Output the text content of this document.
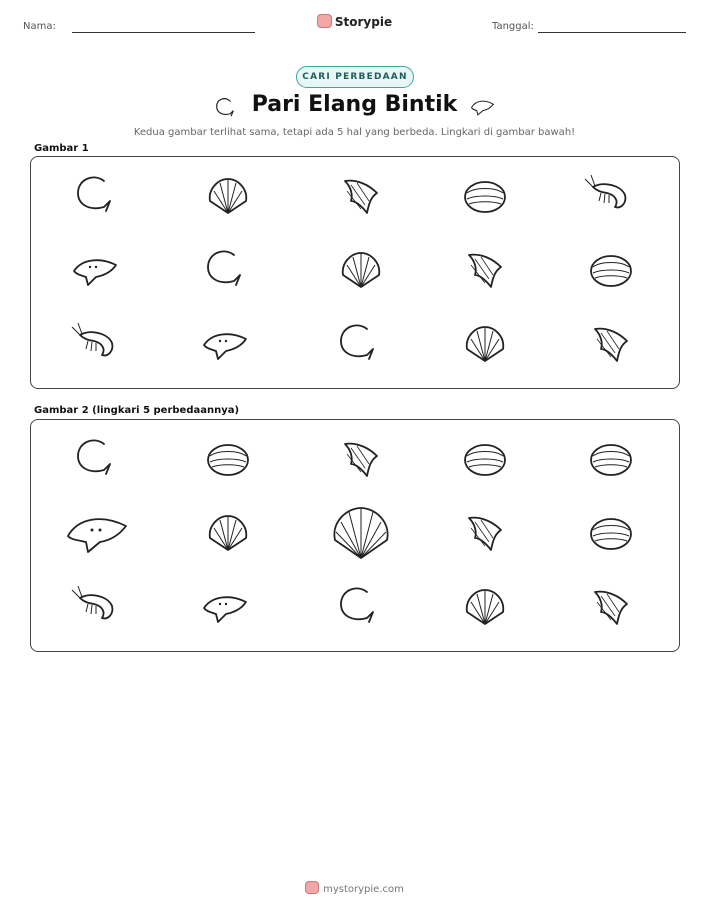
Nama:	Storypie	Tanggal:
CARI PERBEDAAN
Pari Elang Bintik
Kedua gambar terlihat sama, tetapi ada 5 hal yang berbeda. Lingkari di gambar bawah!
Gambar 1
Gambar 2 (lingkari 5 perbedaannya)
mystorypie.com
